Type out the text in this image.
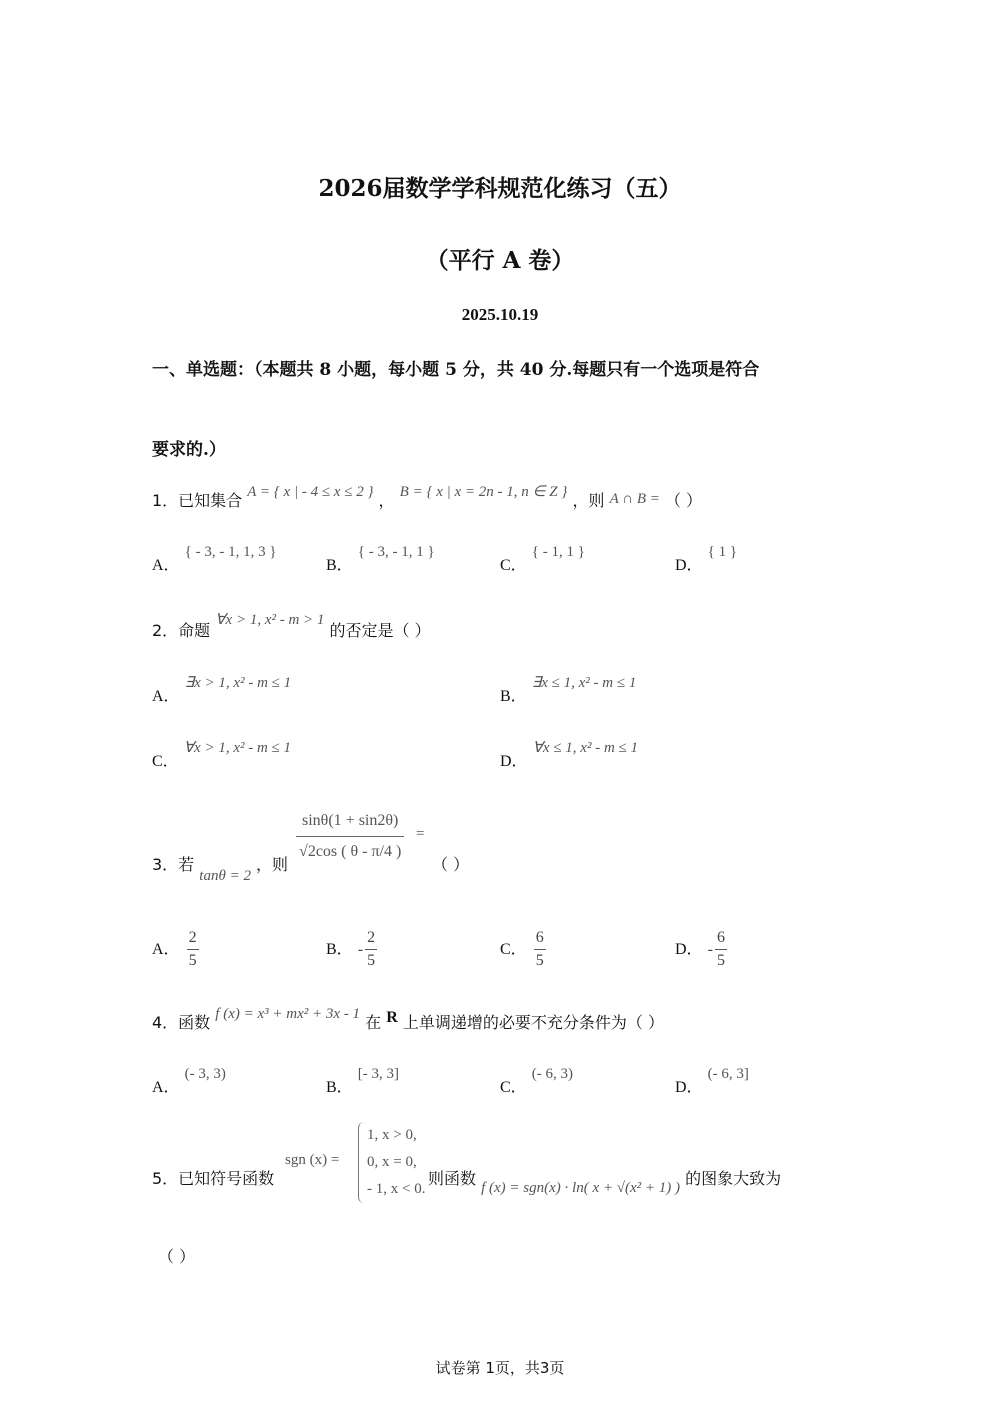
2026届数学学科规范化练习（五）
（平行 A 卷）
2025.10.19
一、单选题：（本题共 8 小题，每小题 5 分，共 40 分.每题只有一个选项是符合
要求的.）
1．已知集合 A = { x | - 4 ≤ x ≤ 2 } ， B = { x | x = 2n - 1, n ∈ Z } ，则 A ∩ B = （ ）
A． { - 3, - 1, 1, 3 }
B． { - 3, - 1, 1 }
C． { - 1, 1 }
D． { 1 }
2．命题 ∀x > 1, x² - m > 1 的否定是（ ）
A． ∃x > 1, x² - m ≤ 1
B． ∃x ≤ 1, x² - m ≤ 1
C． ∀x > 1, x² - m ≤ 1
D． ∀x ≤ 1, x² - m ≤ 1
3．若 tanθ = 2 ，则
$\frac{\sin\theta(1 + \sin 2\theta)}{√2\cos ( \theta - \pi/4 )}$ =
（ ）
A． $\frac{2}{5}$	B． - $\frac{2}{5}$	C． $\frac{6}{5}$	D． - $\frac{6}{5}$
4．函数 f (x) = x³ + mx² + 3x - 1 在 R 上单调递增的必要不充分条件为（ ）
A． (- 3, 3)
B． [- 3, 3]
C． (- 6, 3)
D． (- 6, 3]
5．已知符号函数
sgn (x) =
1, x > 0,
0, x = 0,
- 1, x < 0.
则函数 f (x) = sgn(x) · ln( x + √(x² + 1) ) 的图象大致为
（ ）
试卷第 1页，共3页
